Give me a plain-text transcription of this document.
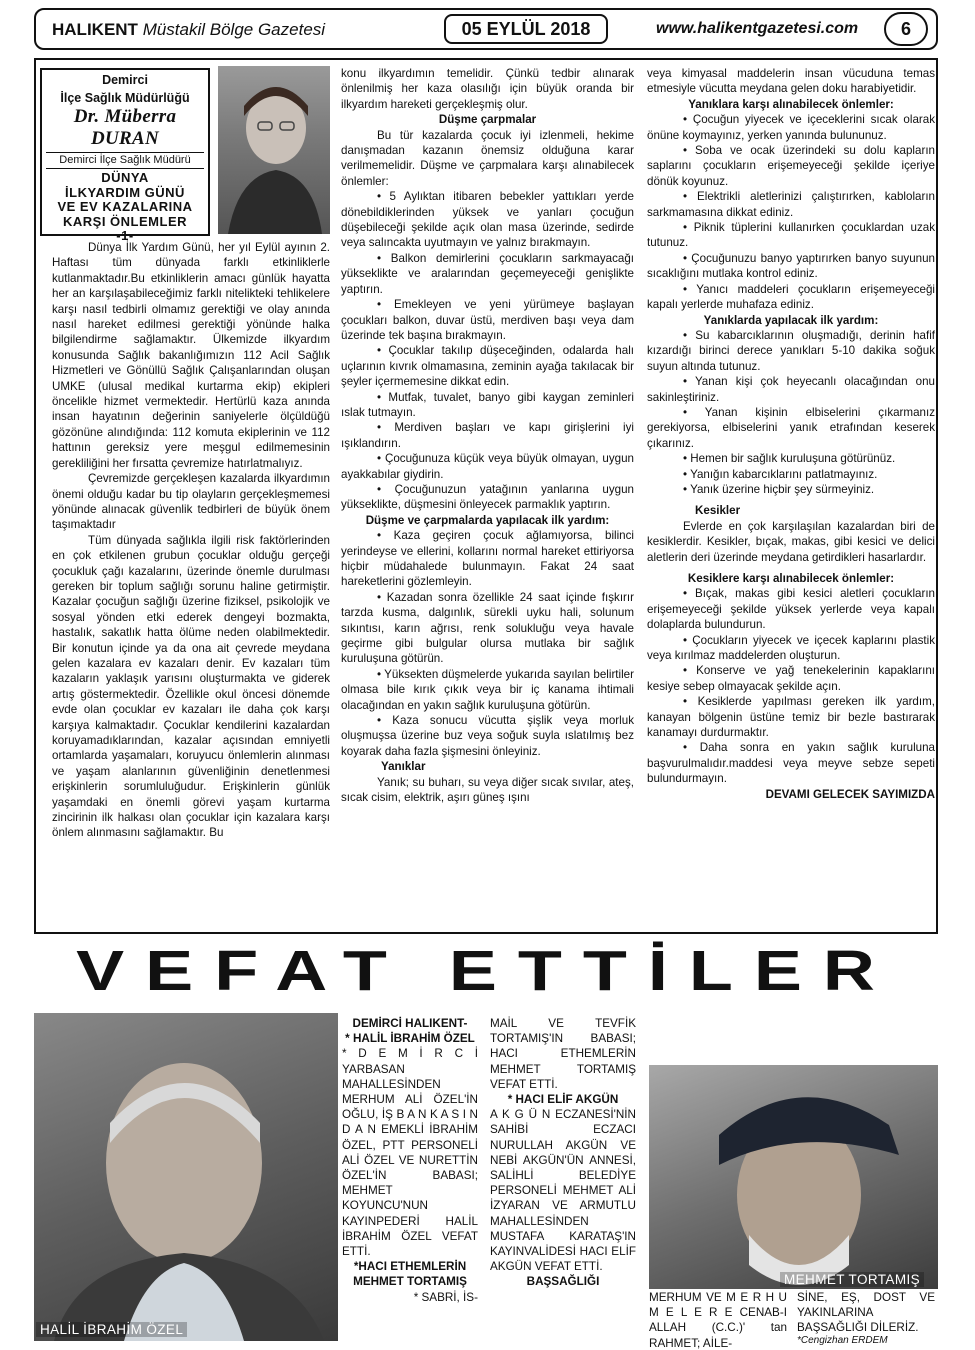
HALIKENT Müstakil Bölge Gazetesi	05 EYLÜL 2018	www.halikentgazetesi.com	6
Demirci
İlçe Sağlık Müdürlüğü
Dr. Müberra DURAN
Demirci İlçe Sağlık Müdürü
DÜNYA
İLKYARDIM GÜNÜ
VE EV KAZALARINA
KARŞI ÖNLEMLER
-1-

Dünya İlk Yardım Günü, her yıl Eylül ayının 2. Haftası tüm dünyada farklı etkinliklerle kutlanmaktadır.Bu etkinliklerin amacı günlük hayatta her an karşılaşabileceğimiz farklı nitelikteki tehlikelere karşı nasıl tedbirli olmamız gerektiği ve olay anında nasıl hareket edilmesi gerektiği yönünde halka bilgilendirme sağlamaktır. Ülkemizde ilkyardım konusunda Sağlık bakanlığımızın 112 Acil Sağlık Hizmetleri ve Gönüllü Sağlık Çalışanlarından oluşan UMKE (ulusal medikal kurtarma ekip) ekipleri öncelikle hizmet vermektedir. Hertürlü kaza anında insan hayatının değerinin saniyelerle ölçüldüğü gözönüne alındığında: 112 komuta ekiplerinin ve 112 hattının gereksiz yere meşgul edilmemesinin gerekliliğini her fırsatta çevremize hatırlatmalıyız.

Çevremizde gerçekleşen kazalarda ilkyardımın önemi olduğu kadar bu tip olayların gerçekleşmemesi yönünde alınacak güvenlik tedbirleri de büyük önem taşımaktadır

Tüm dünyada sağlıkla ilgili risk faktörlerinden en çok etkilenen grubun çocuklar olduğu gerçeği çocukluk çağı kazalarını, üzerinde önemle durulması gereken bir toplum sağlığı sorunu haline getirmiştir. Kazalar çocuğun sağlığı üzerine fiziksel, psikolojik ve sosyal yönden etki ederek dengeyi bozmakta, hastalık, sakatlık hatta ölüme neden olabilmektedir. Bir konutun içinde ya da ona ait çevrede meydana gelen kazalara ev kazaları denir. Ev kazaları tüm kazaların yaklaşık yarısını oluşturmakta ve giderek artış göstermektedir. Özellikle okul öncesi dönemde evde olan çocuklar ev kazaları ile daha çok karşı karşıya kalmaktadır. Çocuklar kendilerini kazalardan koruyamadıklarından, kazalar açısından emniyetli ortamlarda yaşamaları, koruyucu önlemlerin alınması ve yaşam alanlarının güvenliğinin denetlenmesi erişkinlerin sorumluluğudur. Erişkinlerin günlük yaşamdaki en önemli görevi yaşam kurtarma zincirinin ilk halkası olan çocuklar için kazalara karşı önlem alınmasını sağlamaktır. Bu

konu ilkyardımın temelidir. Çünkü tedbir alınarak önlenilmiş her kaza olasılığı için büyük oranda bir ilkyardım hareketi gerçekleşmiş olur.

Düşme çarpmalar

Bu tür kazalarda çocuk iyi izlenmeli, hekime danışmadan kazanın önemsiz olduğuna karar verilmemelidir. Düşme ve çarpmalara karşı alınabilecek önlemler:

• 5 Aylıktan itibaren bebekler yattıkları yerde dönebildiklerinden yüksek ve yanları çocuğun düşebileceği şekilde açık olan masa üzerinde, sedirde veya salıncakta uyutmayın ve yalnız bırakmayın.

• Balkon demirlerini çocukların sarkmayacağı yükseklikte ve aralarından geçemeyeceği genişlikte yaptırın.

• Emekleyen ve yeni yürümeye başlayan çocukları balkon, duvar üstü, merdiven başı veya dam üzerinde tek başına bırakmayın.

• Çocuklar takılıp düşeceğinden, odalarda halı uçlarının kıvrık olmamasına, zeminin ayağa takılacak bir şeyler içermemesine dikkat edin.

• Mutfak, tuvalet, banyo gibi kaygan zeminleri ıslak tutmayın.

• Merdiven başları ve kapı girişlerini iyi ışıklandırın.

• Çocuğunuza küçük veya büyük olmayan, uygun ayakkabılar giydirin.

• Çocuğunuzun yatağının yanlarına uygun yükseklikte, düşmesini önleyecek parmaklık yaptırın.

Düşme ve çarpmalarda yapılacak ilk yardım:

• Kaza geçiren çocuk ağlamıyorsa, bilinci yerindeyse ve ellerini, kollarını normal hareket ettiriyorsa hiçbir müdahalede bulunmayın. Fakat 24 saat hareketlerini gözlemleyin.

• Kazadan sonra özellikle 24 saat içinde fışkırır tarzda kusma, dalgınlık, sürekli uyku hali, solunum sıkıntısı, karın ağrısı, renk solukluğu veya havale geçirme gibi bulgular olursa mutlaka bir sağlık kuruluşuna götürün.

• Yüksekten düşmelerde yukarıda sayılan belirtiler olmasa bile kırık çıkık veya bir iç kanama ihtimali olacağından en yakın sağlık kuruluşuna götürün.

• Kaza sonucu vücutta şişlik veya morluk oluşmuşsa üzerine buz veya soğuk suyla ıslatılmış bez koyarak daha fazla şişmesini önleyiniz.

Yanıklar

Yanık; su buharı, su veya diğer sıcak sıvılar, ateş, sıcak cisim, elektrik, aşırı güneş ışını

veya kimyasal maddelerin insan vücuduna temas etmesiyle vücutta meydana gelen doku harabiyetidir.

Yanıklara karşı alınabilecek önlemler:

• Çocuğun yiyecek ve içeceklerini sıcak olarak önüne koymayınız, yerken yanında bulununuz.

• Soba ve ocak üzerindeki su dolu kapların saplarını çocukların erişemeyeceği şekilde içeriye dönük koyunuz.

• Elektrikli aletlerinizi çalıştırırken, kabloların sarkmamasına dikkat ediniz.

• Piknik tüplerini kullanırken çocuklardan uzak tutunuz.

• Çocuğunuzu banyo yaptırırken banyo suyunun sıcaklığını mutlaka kontrol ediniz.

• Yanıcı maddeleri çocukların erişemeyeceği kapalı yerlerde muhafaza ediniz.

Yanıklarda yapılacak ilk yardım:

• Su kabarcıklarının oluşmadığı, derinin hafif kızardığı birinci derece yanıkları 5-10 dakika soğuk suyun altında tutunuz.

• Yanan kişi çok heyecanlı olacağından onu sakinleştiriniz.

• Yanan kişinin elbiselerini çıkarmanız gerekiyorsa, elbiselerini yanık etrafından keserek çıkarınız.

• Hemen bir sağlık kuruluşuna götürünüz.

• Yanığın kabarcıklarını patlatmayınız.

• Yanık üzerine hiçbir şey sürmeyiniz.

Kesikler

Evlerde en çok karşılaşılan kazalardan biri de kesiklerdir. Kesikler, bıçak, makas, gibi kesici ve delici aletlerin deri üzerinde meydana getirdikleri hasarlardır.

Kesiklere karşı alınabilecek önlemler:

• Bıçak, makas gibi kesici aletleri çocukların erişemeyeceği şekilde yüksek yerlerde veya kapalı dolaplarda bulundurun.

• Çocukların yiyecek ve içecek kaplarını plastik veya kırılmaz maddelerden oluşturun.

• Konserve ve yağ tenekelerinin kapaklarını kesiye sebep olmayacak şekilde açın.

• Kesiklerde yapılması gereken ilk yardım, kanayan bölgenin üstüne temiz bir bezle bastırarak kanamayı durdurmaktır.

• Daha sonra en yakın sağlık kuruluna başvurulmalıdır.maddesi veya meyve sebze sepeti bulundurmayın.

DEVAMI GELECEK SAYIMIZDA

VEFAT ETTİLER
HALİL İBRAHİM ÖZEL
MEHMET TORTAMIŞ

DEMİRCİ HALIKENT-

* HALİL İBRAHİM ÖZEL

* D E M İ R C İ YARBASAN MAHALLESİNDEN MERHUM ALİ ÖZEL'İN OĞLU, İŞ B A N K A S I N D A N EMEKLİ İBRAHİM ÖZEL, PTT PERSONELİ ALİ ÖZEL VE NURETTİN ÖZEL'İN BABASI; MEHMET KOYUNCU'NUN KAYINPEDERİ HALİL İBRAHİM ÖZEL VEFAT ETTİ.

*HACI ETHEMLERİN MEHMET TORTAMIŞ

* SABRİ, İS-

MAİL VE TEVFİK TORTAMIŞ'IN BABASI; HACI ETHEMLERİN MEHMET TORTAMIŞ VEFAT ETTİ.

* HACI ELİF AKGÜN

A K G Ü N ECZANESİ'NİN SAHİBİ ECZACI NURULLAH AKGÜN VE NEBİ AKGÜN'ÜN ANNESİ, SALİHLİ BELEDİYE PERSONELİ MEHMET ALİ İZYARAN VE ARMUTLU MAHALLESİNDEN MUSTAFA KARATAŞ'IN KAYINVALİDESİ HACI ELİF AKGÜN VEFAT ETTİ.

BAŞSAĞLIĞI

MERHUM VE M E R H U M E L E R E CENAB-I ALLAH (C.C.)' tan RAHMET; AİLE-
SİNE, EŞ, DOST VE YAKINLARINA BAŞSAĞLIĞI DİLERİZ.
*Cengizhan ERDEM
